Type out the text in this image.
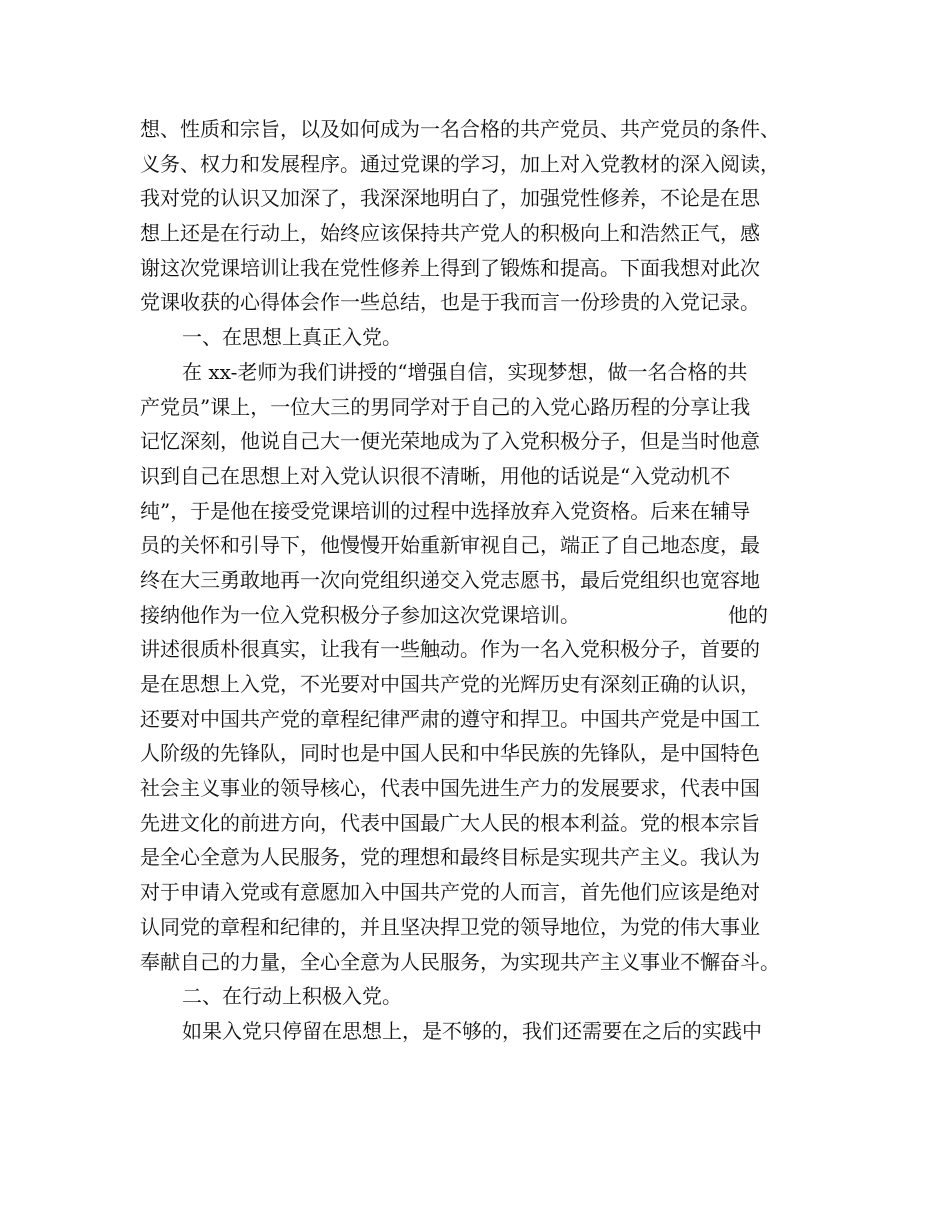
想、性质和宗旨，以及如何成为一名合格的共产党员、共产党员的条件、
义务、权力和发展程序。通过党课的学习，加上对入党教材的深入阅读，
我对党的认识又加深了，我深深地明白了，加强党性修养，不论是在思
想上还是在行动上，始终应该保持共产党人的积极向上和浩然正气，感
谢这次党课培训让我在党性修养上得到了锻炼和提高。下面我想对此次
党课收获的心得体会作一些总结，也是于我而言一份珍贵的入党记录。
一、在思想上真正入党。
在 xx-老师为我们讲授的“增强自信，实现梦想，做一名合格的共
产党员”课上，一位大三的男同学对于自己的入党心路历程的分享让我
记忆深刻，他说自己大一便光荣地成为了入党积极分子，但是当时他意
识到自己在思想上对入党认识很不清晰，用他的话说是“入党动机不
纯”，于是他在接受党课培训的过程中选择放弃入党资格。后来在辅导
员的关怀和引导下，他慢慢开始重新审视自己，端正了自己地态度，最
终在大三勇敢地再一次向党组织递交入党志愿书，最后党组织也宽容地
接纳他作为一位入党积极分子参加这次党课培训。	他的
讲述很质朴很真实，让我有一些触动。作为一名入党积极分子，首要的
是在思想上入党，不光要对中国共产党的光辉历史有深刻正确的认识，
还要对中国共产党的章程纪律严肃的遵守和捍卫。中国共产党是中国工
人阶级的先锋队，同时也是中国人民和中华民族的先锋队，是中国特色
社会主义事业的领导核心，代表中国先进生产力的发展要求，代表中国
先进文化的前进方向，代表中国最广大人民的根本利益。党的根本宗旨
是全心全意为人民服务，党的理想和最终目标是实现共产主义。我认为
对于申请入党或有意愿加入中国共产党的人而言，首先他们应该是绝对
认同党的章程和纪律的，并且坚决捍卫党的领导地位，为党的伟大事业
奉献自己的力量，全心全意为人民服务，为实现共产主义事业不懈奋斗。
二、在行动上积极入党。
如果入党只停留在思想上，是不够的，我们还需要在之后的实践中
